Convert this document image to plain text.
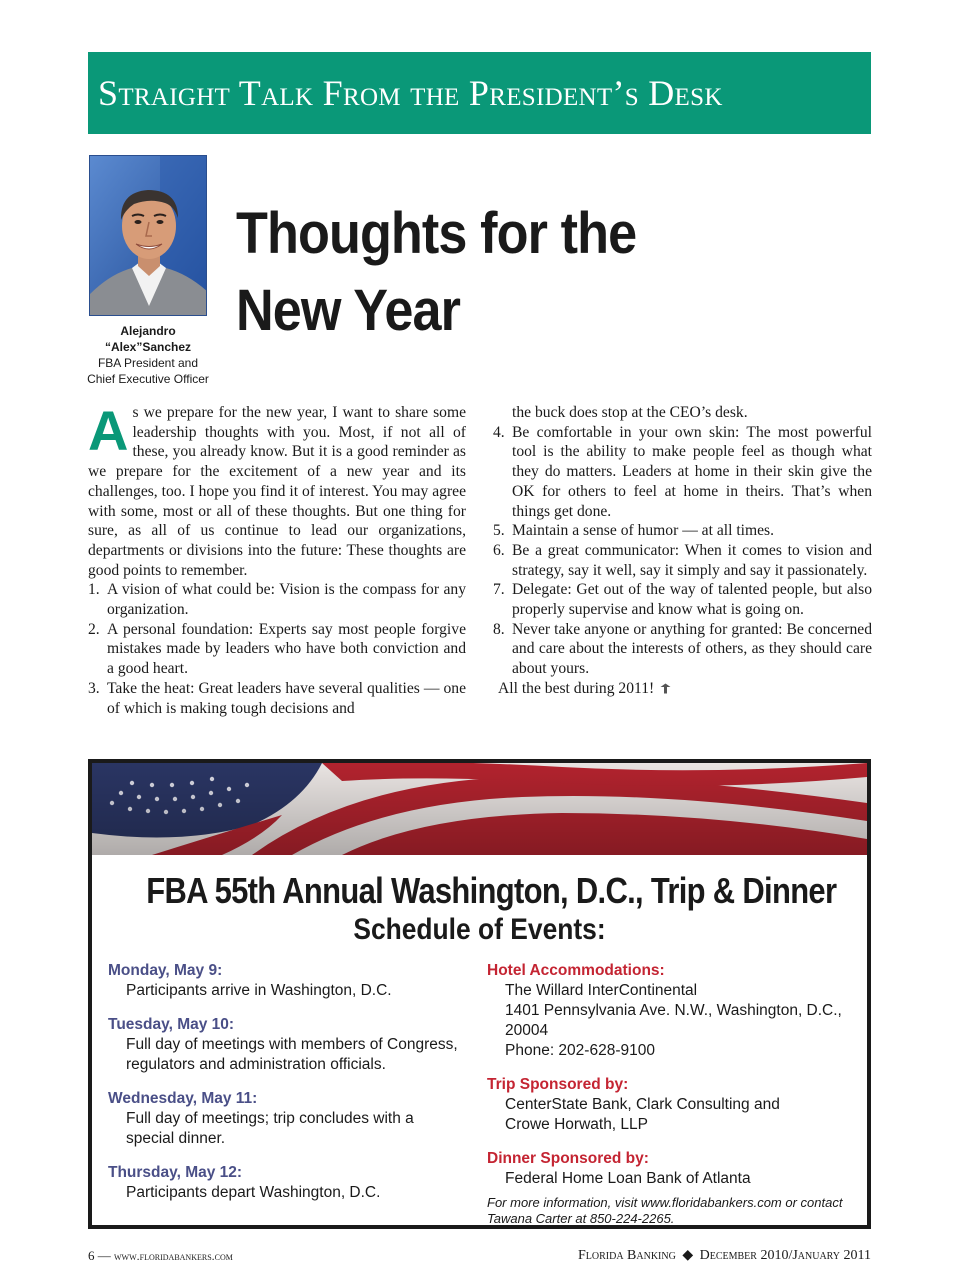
Straight Talk From the President’s Desk
Alejandro
“Alex”Sanchez
FBA President and
Chief Executive Officer
Thoughts for the
New Year

As we prepare for the new year, I want to share some leadership thoughts with you. Most, if not all of these, you already know. But it is a good reminder as we prepare for the excitement of a new year and its challenges, too. I hope you find it of interest. You may agree with some, most or all of these thoughts. But one thing for sure, as all of us continue to lead our organizations, departments or divisions into the future: These thoughts are good points to remember.

1. A vision of what could be: Vision is the compass for any organization.
2. A personal foundation: Experts say most people forgive mistakes made by leaders who have both conviction and a good heart.
3. Take the heat: Great leaders have several qualities — one of which is making tough decisions and
the buck does stop at the CEO’s desk.
4. Be comfortable in your own skin: The most powerful tool is the ability to make people feel as though what they do matters. Leaders at home in their skin give the OK for others to feel at home in theirs. That’s when things get done.
5. Maintain a sense of humor — at all times.
6. Be a great communicator: When it comes to vision and strategy, say it well, say it simply and say it passionately.
7. Delegate: Get out of the way of talented people, but also properly supervise and know what is going on.
8. Never take anyone or anything for granted: Be concerned and care about the interests of others, as they should care about yours.
All the best during 2011!
FBA 55th Annual Washington, D.C., Trip & Dinner
Schedule of Events:
Monday, May 9:
Participants arrive in Washington, D.C.
Tuesday, May 10:
Full day of meetings with members of Congress,
regulators and administration officials.
Wednesday, May 11:
Full day of meetings; trip concludes with a
special dinner.
Thursday, May 12:
Participants depart Washington, D.C.
Hotel Accommodations:
The Willard InterContinental
1401 Pennsylvania Ave. N.W., Washington, D.C., 20004
Phone: 202-628-9100
Trip Sponsored by:
CenterState Bank, Clark Consulting and
Crowe Horwath, LLP
Dinner Sponsored by:
Federal Home Loan Bank of Atlanta
For more information, visit www.floridabankers.com or contact
Tawana Carter at 850-224-2265.
6 — www.floridabankers.com	Florida Banking ◆ December 2010/January 2011
